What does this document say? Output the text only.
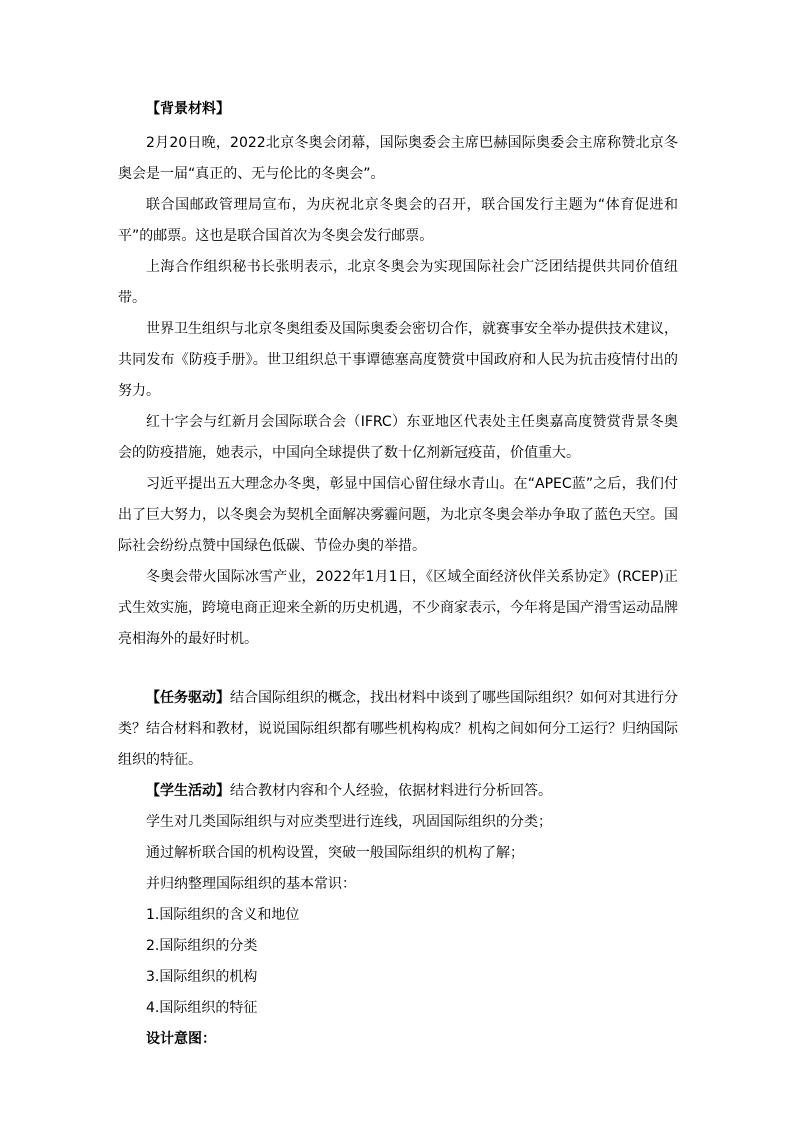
【背景材料】

2月20日晚，2022北京冬奥会闭幕，国际奥委会主席巴赫国际奥委会主席称赞北京冬奥会是一届“真正的、无与伦比的冬奥会”。

联合国邮政管理局宣布，为庆祝北京冬奥会的召开，联合国发行主题为“体育促进和平”的邮票。这也是联合国首次为冬奥会发行邮票。

上海合作组织秘书长张明表示，北京冬奥会为实现国际社会广泛团结提供共同价值纽带。

世界卫生组织与北京冬奥组委及国际奥委会密切合作，就赛事安全举办提供技术建议，共同发布《防疫手册》。世卫组织总干事谭德塞高度赞赏中国政府和人民为抗击疫情付出的努力。

红十字会与红新月会国际联合会（IFRC）东亚地区代表处主任奥嘉高度赞赏背景冬奥会的防疫措施，她表示，中国向全球提供了数十亿剂新冠疫苗，价值重大。

习近平提出五大理念办冬奥，彰显中国信心留住绿水青山。在“APEC蓝”之后，我们付出了巨大努力，以冬奥会为契机全面解决雾霾问题，为北京冬奥会举办争取了蓝色天空。国际社会纷纷点赞中国绿色低碳、节俭办奥的举措。

冬奥会带火国际冰雪产业，2022年1月1日，《区域全面经济伙伴关系协定》(RCEP)正式生效实施，跨境电商正迎来全新的历史机遇，不少商家表示，今年将是国产滑雪运动品牌亮相海外的最好时机。

【任务驱动】结合国际组织的概念，找出材料中谈到了哪些国际组织？如何对其进行分类？结合材料和教材，说说国际组织都有哪些机构构成？机构之间如何分工运行？归纳国际组织的特征。

【学生活动】结合教材内容和个人经验，依据材料进行分析回答。

学生对几类国际组织与对应类型进行连线，巩固国际组织的分类；

通过解析联合国的机构设置，突破一般国际组织的机构了解；

并归纳整理国际组织的基本常识：

1.国际组织的含义和地位

2.国际组织的分类

3.国际组织的机构

4.国际组织的特征

设计意图：
